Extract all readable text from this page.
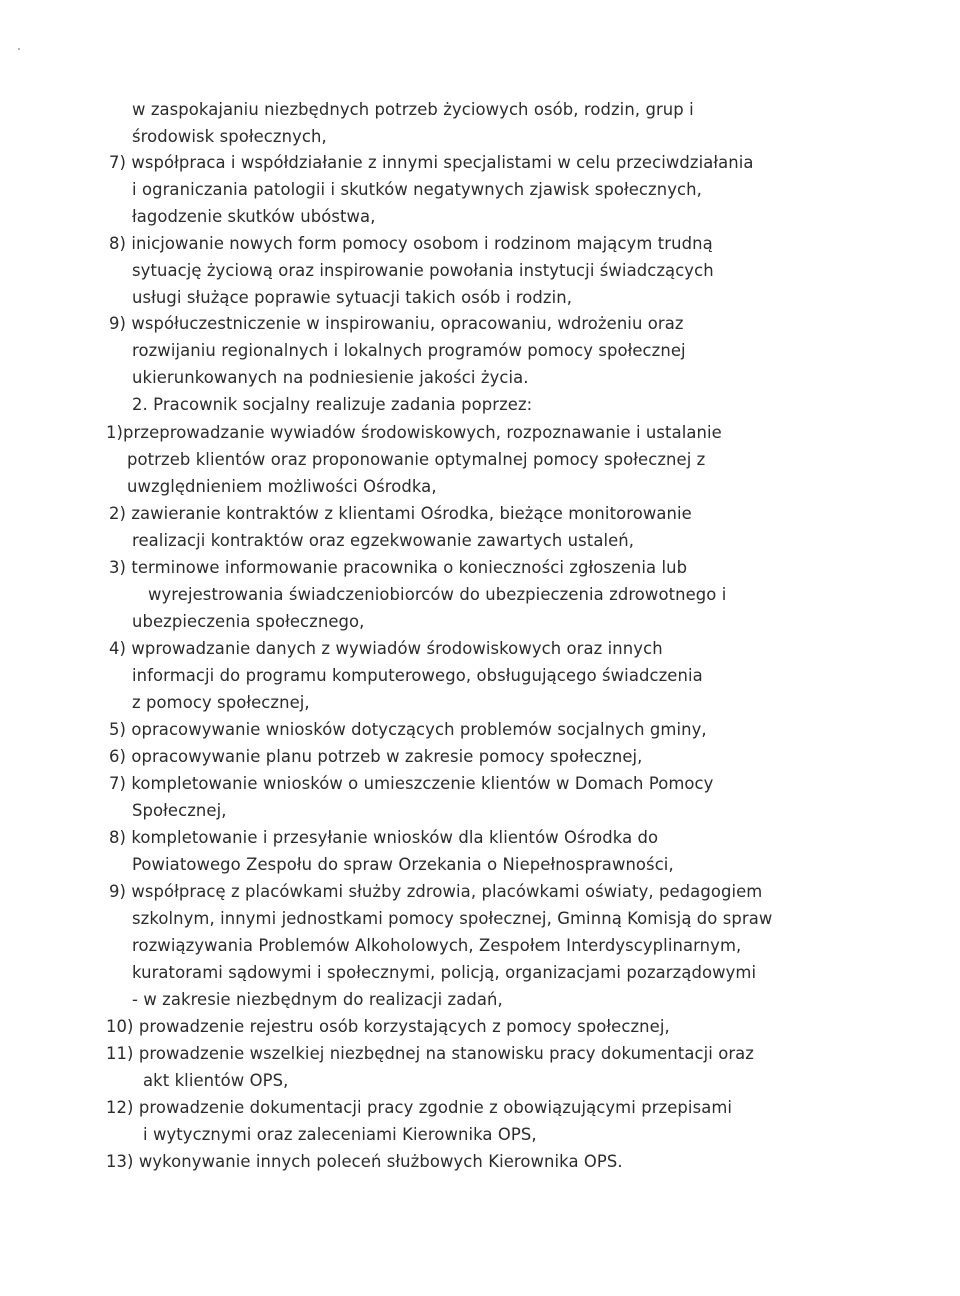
w zaspokajaniu niezbędnych potrzeb życiowych osób, rodzin, grup i
środowisk społecznych,
7) współpraca i współdziałanie z innymi specjalistami w celu przeciwdziałania
i ograniczania patologii i skutków negatywnych zjawisk społecznych,
łagodzenie skutków ubóstwa,
8) inicjowanie nowych form pomocy osobom i rodzinom mającym trudną
sytuację życiową oraz inspirowanie powołania instytucji świadczących
usługi służące poprawie sytuacji takich osób i rodzin,
9) współuczestniczenie w inspirowaniu, opracowaniu, wdrożeniu oraz
rozwijaniu regionalnych i lokalnych programów pomocy społecznej
ukierunkowanych na podniesienie jakości życia.
2. Pracownik socjalny realizuje zadania poprzez:
1)przeprowadzanie wywiadów środowiskowych, rozpoznawanie i ustalanie
potrzeb klientów oraz proponowanie optymalnej pomocy społecznej z
uwzględnieniem możliwości Ośrodka,
2) zawieranie kontraktów z klientami Ośrodka, bieżące monitorowanie
realizacji kontraktów oraz egzekwowanie zawartych ustaleń,
3) terminowe informowanie pracownika o konieczności zgłoszenia lub
wyrejestrowania świadczeniobiorców do ubezpieczenia zdrowotnego i
ubezpieczenia społecznego,
4) wprowadzanie danych z wywiadów środowiskowych oraz innych
informacji do programu komputerowego, obsługującego świadczenia
z pomocy społecznej,
5) opracowywanie wniosków dotyczących problemów socjalnych gminy,
6) opracowywanie planu potrzeb w zakresie pomocy społecznej,
7) kompletowanie wniosków o umieszczenie klientów w Domach Pomocy
Społecznej,
8) kompletowanie i przesyłanie wniosków dla klientów Ośrodka do
Powiatowego Zespołu do spraw Orzekania o Niepełnosprawności,
9) współpracę z placówkami służby zdrowia, placówkami oświaty, pedagogiem
szkolnym, innymi jednostkami pomocy społecznej, Gminną Komisją do spraw
rozwiązywania Problemów Alkoholowych, Zespołem Interdyscyplinarnym,
kuratorami sądowymi i społecznymi, policją, organizacjami pozarządowymi
- w zakresie niezbędnym do realizacji zadań,
10) prowadzenie rejestru osób korzystających z pomocy społecznej,
11) prowadzenie wszelkiej niezbędnej na stanowisku pracy dokumentacji oraz
akt klientów OPS,
12) prowadzenie dokumentacji pracy zgodnie z obowiązującymi przepisami
i wytycznymi oraz zaleceniami Kierownika OPS,
13) wykonywanie innych poleceń służbowych Kierownika OPS.
